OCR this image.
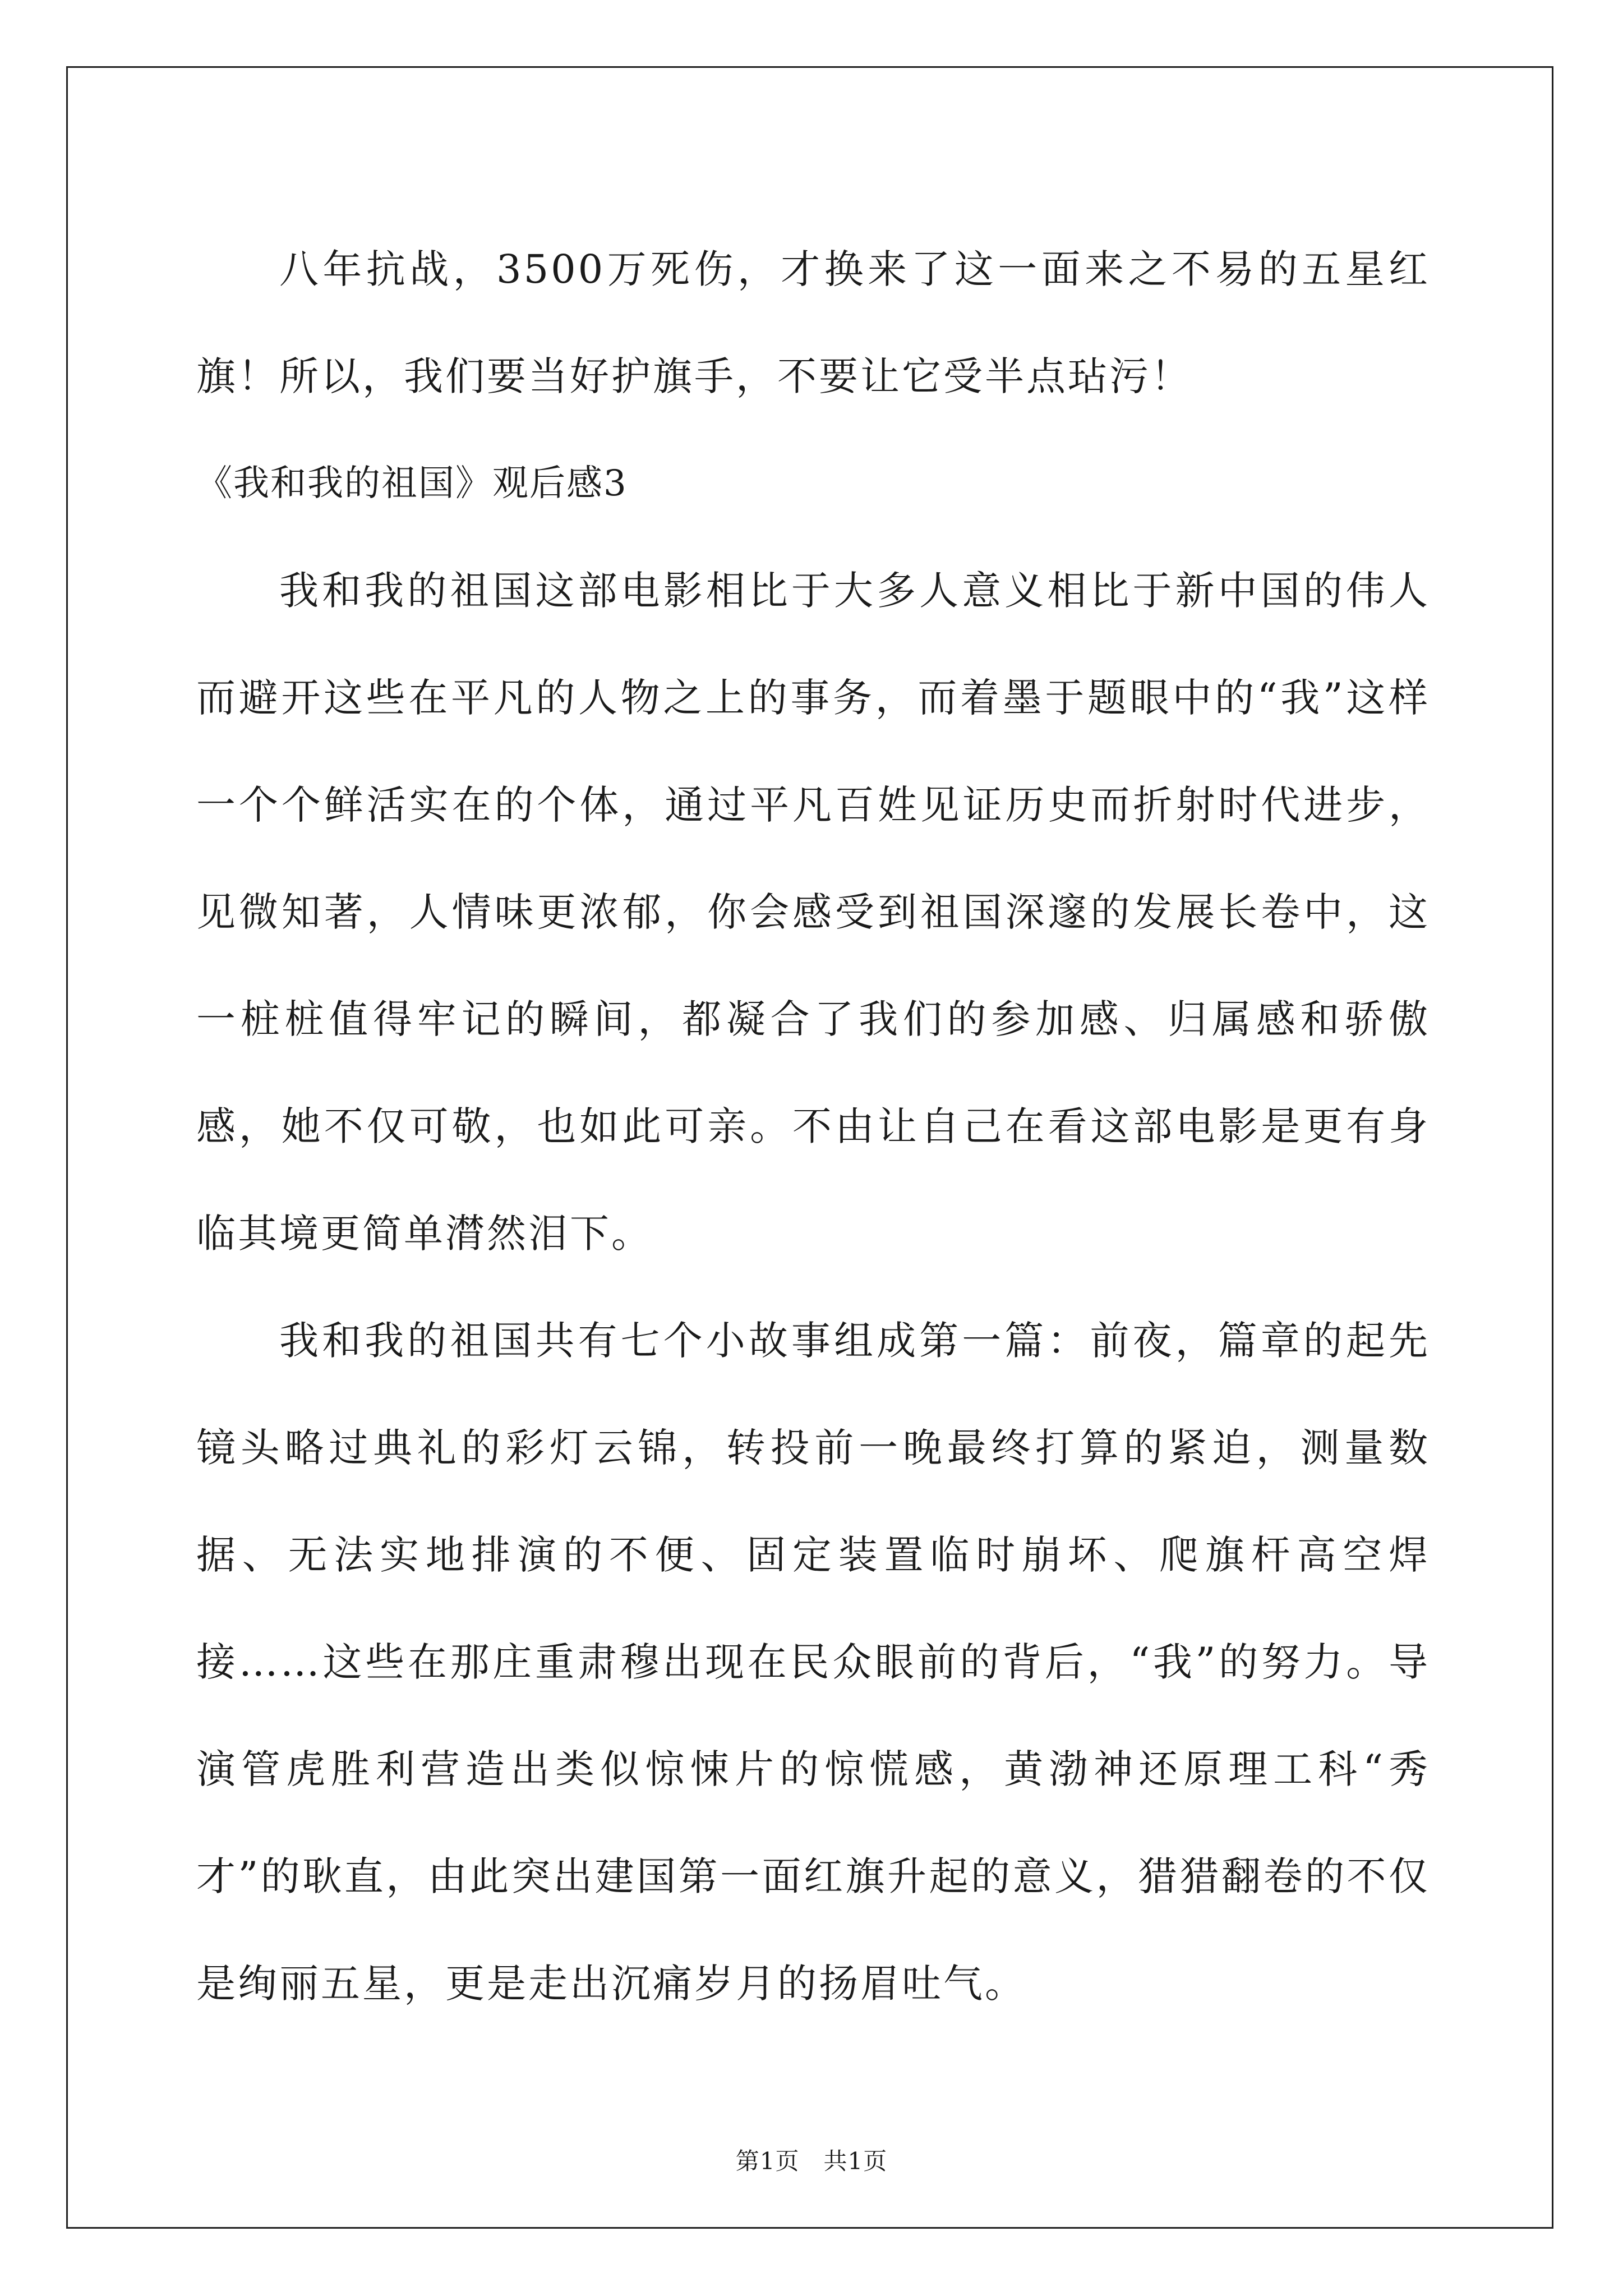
八年抗战，3500万死伤，才换来了这一面来之不易的五星红旗！所以，我们要当好护旗手，不要让它受半点玷污！

《我和我的祖国》观后感3

我和我的祖国这部电影相比于大多人意义相比于新中国的伟人而避开这些在平凡的人物之上的事务，而着墨于题眼中的“我”这样一个个鲜活实在的个体，通过平凡百姓见证历史而折射时代进步，见微知著，人情味更浓郁，你会感受到祖国深邃的发展长卷中，这一桩桩值得牢记的瞬间，都凝合了我们的参加感、归属感和骄傲感，她不仅可敬，也如此可亲。不由让自己在看这部电影是更有身临其境更简单潸然泪下。

我和我的祖国共有七个小故事组成第一篇：前夜，篇章的起先镜头略过典礼的彩灯云锦，转投前一晚最终打算的紧迫，测量数据、无法实地排演的不便、固定装置临时崩坏、爬旗杆高空焊接……这些在那庄重肃穆出现在民众眼前的背后，“我”的努力。导演管虎胜利营造出类似惊悚片的惊慌感，黄渤神还原理工科“秀才”的耿直，由此突出建国第一面红旗升起的意义，猎猎翻卷的不仅是绚丽五星，更是走出沉痛岁月的扬眉吐气。

第1页　共1页
